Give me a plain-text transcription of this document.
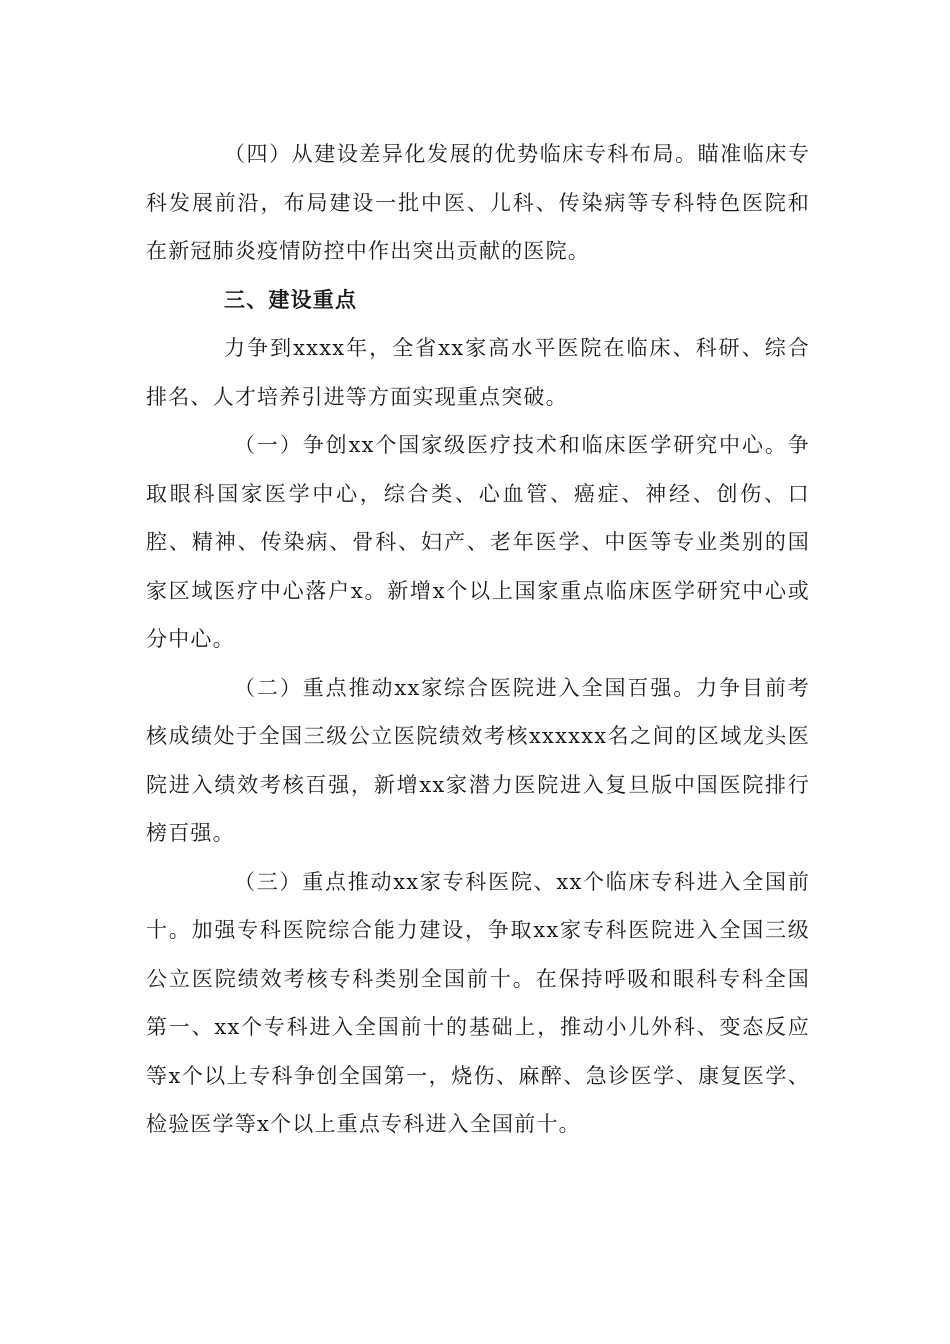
（四）从建设差异化发展的优势临床专科布局。瞄准临床专科发展前沿，布局建设一批中医、儿科、传染病等专科特色医院和在新冠肺炎疫情防控中作出突出贡献的医院。

三、建设重点

力争到xxxx年，全省xx家高水平医院在临床、科研、综合排名、人才培养引进等方面实现重点突破。

（一）争创xx个国家级医疗技术和临床医学研究中心。争取眼科国家医学中心，综合类、心血管、癌症、神经、创伤、口腔、精神、传染病、骨科、妇产、老年医学、中医等专业类别的国家区域医疗中心落户x。新增x个以上国家重点临床医学研究中心或分中心。

（二）重点推动xx家综合医院进入全国百强。力争目前考核成绩处于全国三级公立医院绩效考核xxxxxx名之间的区域龙头医院进入绩效考核百强，新增xx家潜力医院进入复旦版中国医院排行榜百强。

（三）重点推动xx家专科医院、xx个临床专科进入全国前十。加强专科医院综合能力建设，争取xx家专科医院进入全国三级公立医院绩效考核专科类别全国前十。在保持呼吸和眼科专科全国第一、xx个专科进入全国前十的基础上，推动小儿外科、变态反应等x个以上专科争创全国第一，烧伤、麻醉、急诊医学、康复医学、检验医学等x个以上重点专科进入全国前十。
